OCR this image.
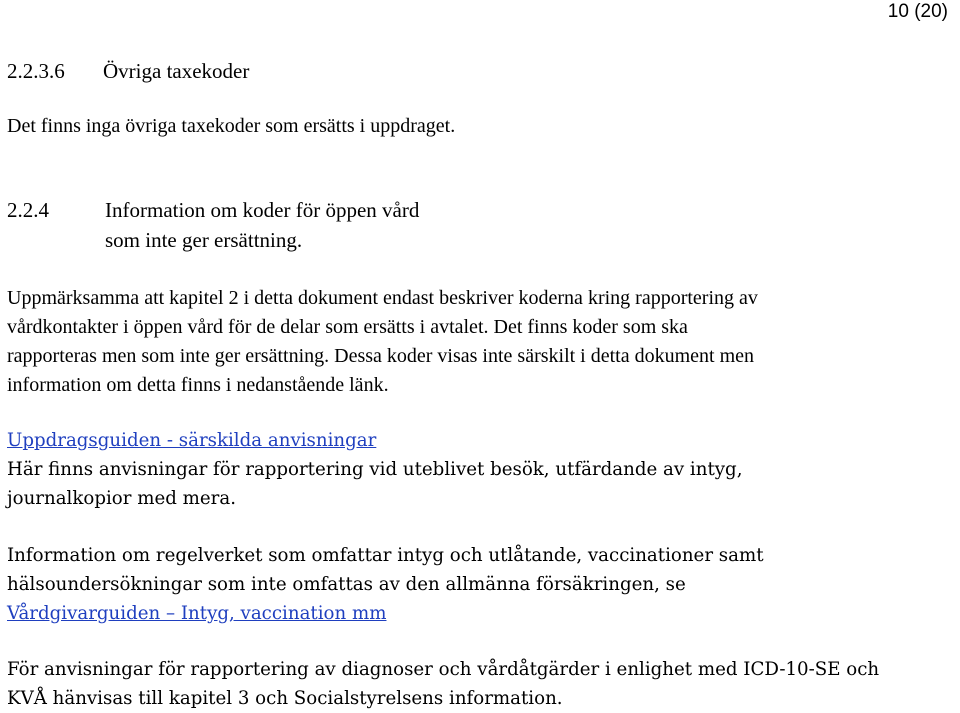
10 (20)
2.2.3.6 Övriga taxekoder
Det finns inga övriga taxekoder som ersätts i uppdraget.
2.2.4	Information om koder för öppen vård
som inte ger ersättning.
Uppmärksamma att kapitel 2 i detta dokument endast beskriver koderna kring rapportering av
vårdkontakter i öppen vård för de delar som ersätts i avtalet. Det finns koder som ska
rapporteras men som inte ger ersättning. Dessa koder visas inte särskilt i detta dokument men
information om detta finns i nedanstående länk.
Uppdragsguiden - särskilda anvisningar
Här finns anvisningar för rapportering vid uteblivet besök, utfärdande av intyg,
journalkopior med mera.
Information om regelverket som omfattar intyg och utlåtande, vaccinationer samt
hälsoundersökningar som inte omfattas av den allmänna försäkringen, se
Vårdgivarguiden – Intyg, vaccination mm
För anvisningar för rapportering av diagnoser och vårdåtgärder i enlighet med ICD-10-SE och
KVÅ hänvisas till kapitel 3 och Socialstyrelsens information.
